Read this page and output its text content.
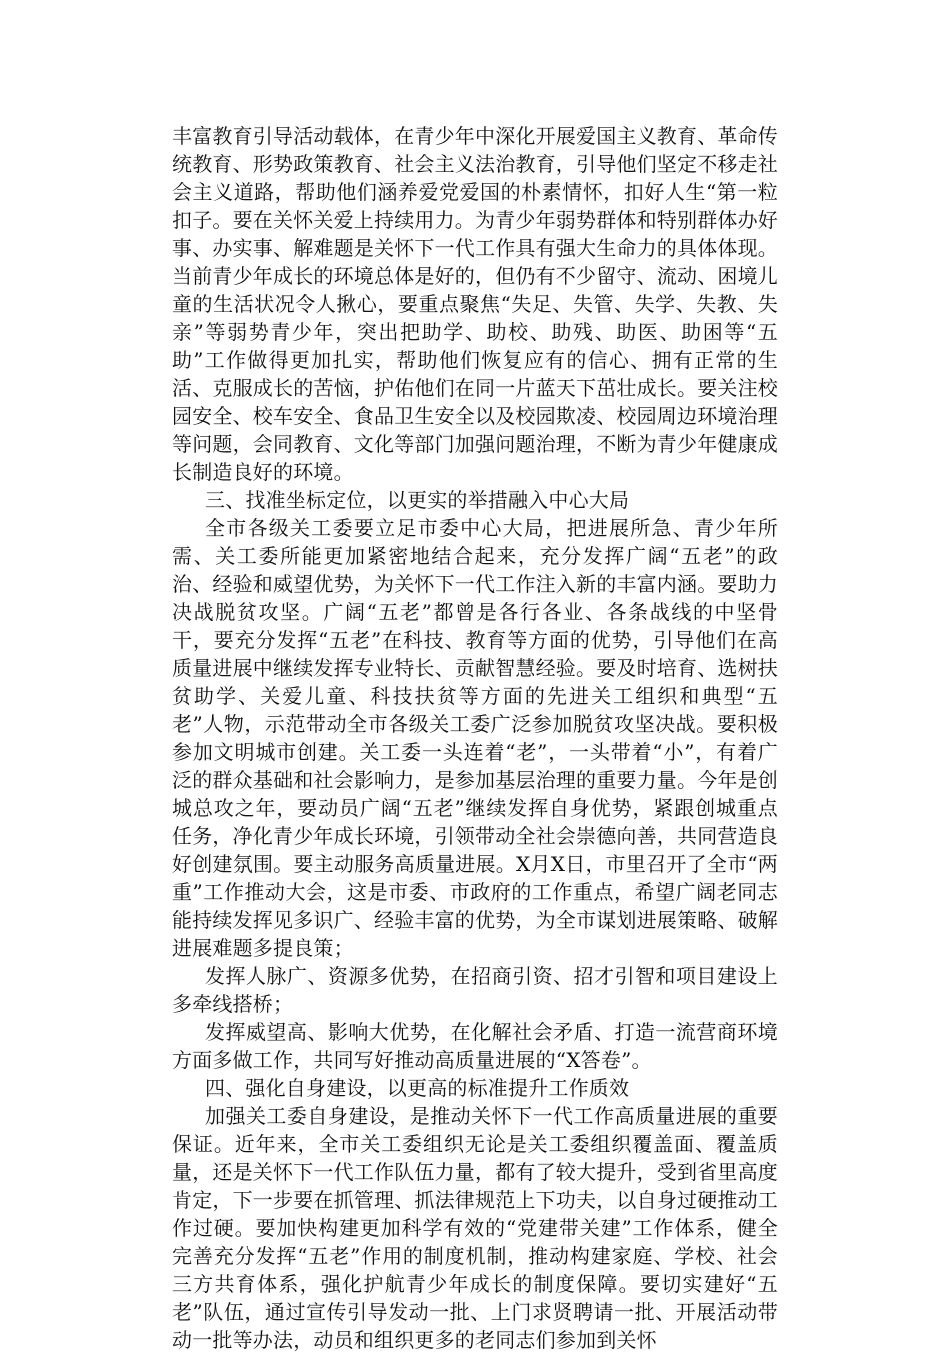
丰富教育引导活动载体，在青少年中深化开展爱国主义教育、革命传统教育、形势政策教育、社会主义法治教育，引导他们坚定不移走社会主义道路，帮助他们涵养爱党爱国的朴素情怀，扣好人生“第一粒扣子。要在关怀关爱上持续用力。为青少年弱势群体和特别群体办好事、办实事、解难题是关怀下一代工作具有强大生命力的具体体现。当前青少年成长的环境总体是好的，但仍有不少留守、流动、困境儿童的生活状况令人揪心，要重点聚焦“失足、失管、失学、失教、失亲”等弱势青少年，突出把助学、助校、助残、助医、助困等“五助”工作做得更加扎实，帮助他们恢复应有的信心、拥有正常的生活、克服成长的苦恼，护佑他们在同一片蓝天下茁壮成长。要关注校园安全、校车安全、食品卫生安全以及校园欺凌、校园周边环境治理等问题，会同教育、文化等部门加强问题治理，不断为青少年健康成长制造良好的环境。

三、找准坐标定位，以更实的举措融入中心大局

全市各级关工委要立足市委中心大局，把进展所急、青少年所需、关工委所能更加紧密地结合起来，充分发挥广阔“五老”的政治、经验和威望优势，为关怀下一代工作注入新的丰富内涵。要助力决战脱贫攻坚。广阔“五老”都曾是各行各业、各条战线的中坚骨干，要充分发挥“五老”在科技、教育等方面的优势，引导他们在高质量进展中继续发挥专业特长、贡献智慧经验。要及时培育、选树扶贫助学、关爱儿童、科技扶贫等方面的先进关工组织和典型“五老”人物，示范带动全市各级关工委广泛参加脱贫攻坚决战。要积极参加文明城市创建。关工委一头连着“老”，一头带着“小”，有着广泛的群众基础和社会影响力，是参加基层治理的重要力量。今年是创城总攻之年，要动员广阔“五老”继续发挥自身优势，紧跟创城重点任务，净化青少年成长环境，引领带动全社会崇德向善，共同营造良好创建氛围。要主动服务高质量进展。X月X日，市里召开了全市“两重”工作推动大会，这是市委、市政府的工作重点，希望广阔老同志能持续发挥见多识广、经验丰富的优势，为全市谋划进展策略、破解进展难题多提良策；

发挥人脉广、资源多优势，在招商引资、招才引智和项目建设上多牵线搭桥；

发挥威望高、影响大优势，在化解社会矛盾、打造一流营商环境方面多做工作，共同写好推动高质量进展的“X答卷”。

四、强化自身建设，以更高的标准提升工作质效

加强关工委自身建设，是推动关怀下一代工作高质量进展的重要保证。近年来，全市关工委组织无论是关工委组织覆盖面、覆盖质量，还是关怀下一代工作队伍力量，都有了较大提升，受到省里高度肯定，下一步要在抓管理、抓法律规范上下功夫，以自身过硬推动工作过硬。要加快构建更加科学有效的“党建带关建”工作体系，健全完善充分发挥“五老”作用的制度机制，推动构建家庭、学校、社会三方共育体系，强化护航青少年成长的制度保障。要切实建好“五老”队伍，通过宣传引导发动一批、上门求贤聘请一批、开展活动带动一批等办法，动员和组织更多的老同志们参加到关怀
